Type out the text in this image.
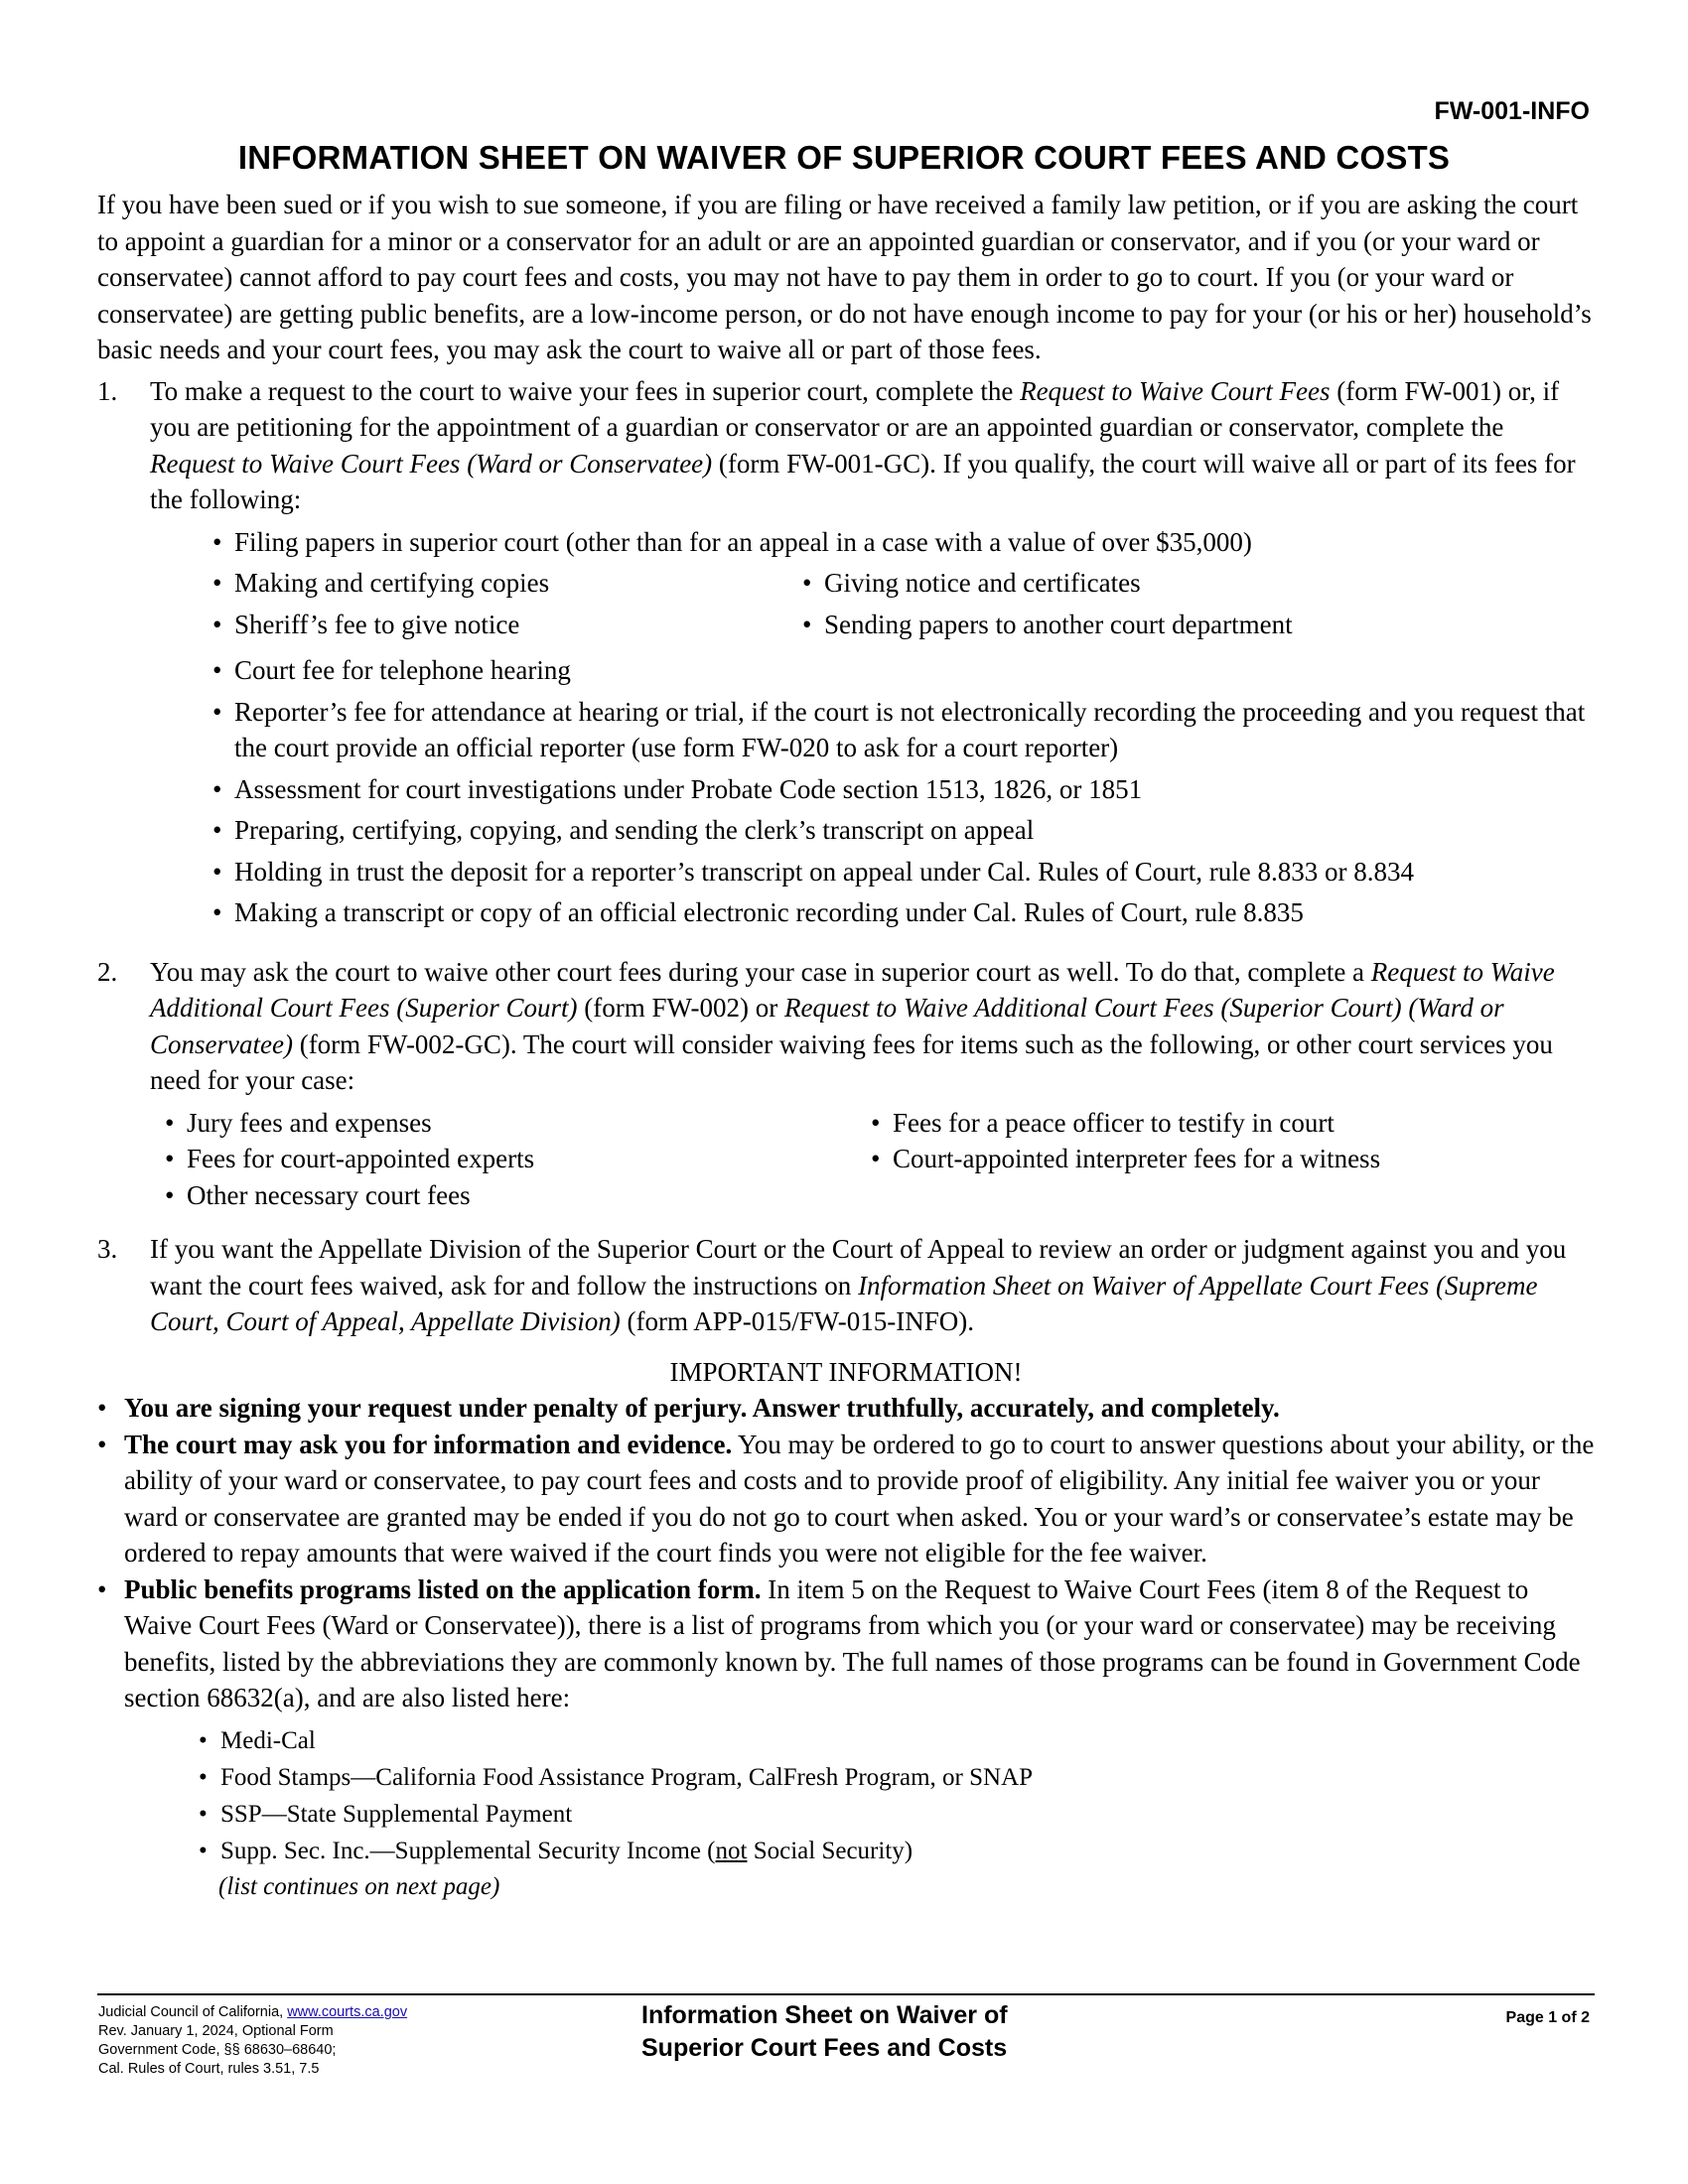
FW-001-INFO
INFORMATION SHEET ON WAIVER OF SUPERIOR COURT FEES AND COSTS

If you have been sued or if you wish to sue someone, if you are filing or have received a family law petition, or if you are asking the court to appoint a guardian for a minor or a conservator for an adult or are an appointed guardian or conservator, and if you (or your ward or conservatee) cannot afford to pay court fees and costs, you may not have to pay them in order to go to court. If you (or your ward or conservatee) are getting public benefits, are a low-income person, or do not have enough income to pay for your (or his or her) household’s basic needs and your court fees, you may ask the court to waive all or part of those fees.

1.	To make a request to the court to waive your fees in superior court, complete the Request to Waive Court Fees (form FW-001) or, if you are petitioning for the appointment of a guardian or conservator or are an appointed guardian or conservator, complete the Request to Waive Court Fees (Ward or Conservatee) (form FW-001-GC). If you qualify, the court will waive all or part of its fees for the following:
• Filing papers in superior court (other than for an appeal in a case with a value of over $35,000)
• Making and certifying copies
• Sheriff’s fee to give notice
• Giving notice and certificates
• Sending papers to another court department
• Court fee for telephone hearing
• Reporter’s fee for attendance at hearing or trial, if the court is not electronically recording the proceeding and you request that the court provide an official reporter (use form FW-020 to ask for a court reporter)
• Assessment for court investigations under Probate Code section 1513, 1826, or 1851
• Preparing, certifying, copying, and sending the clerk’s transcript on appeal
• Holding in trust the deposit for a reporter’s transcript on appeal under Cal. Rules of Court, rule 8.833 or 8.834
• Making a transcript or copy of an official electronic recording under Cal. Rules of Court, rule 8.835
2.	You may ask the court to waive other court fees during your case in superior court as well. To do that, complete a Request to Waive Additional Court Fees (Superior Court) (form FW-002) or Request to Waive Additional Court Fees (Superior Court) (Ward or Conservatee) (form FW-002-GC). The court will consider waiving fees for items such as the following, or other court services you need for your case:
• Jury fees and expenses
• Fees for court-appointed experts
• Other necessary court fees
• Fees for a peace officer to testify in court
• Court-appointed interpreter fees for a witness
3.	If you want the Appellate Division of the Superior Court or the Court of Appeal to review an order or judgment against you and you want the court fees waived, ask for and follow the instructions on Information Sheet on Waiver of Appellate Court Fees (Supreme Court, Court of Appeal, Appellate Division) (form APP-015/FW-015-INFO).
IMPORTANT INFORMATION!
• You are signing your request under penalty of perjury. Answer truthfully, accurately, and completely.
• The court may ask you for information and evidence. You may be ordered to go to court to answer questions about your ability, or the ability of your ward or conservatee, to pay court fees and costs and to provide proof of eligibility. Any initial fee waiver you or your ward or conservatee are granted may be ended if you do not go to court when asked. You or your ward’s or conservatee’s estate may be ordered to repay amounts that were waived if the court finds you were not eligible for the fee waiver.
• Public benefits programs listed on the application form. In item 5 on the Request to Waive Court Fees (item 8 of the Request to Waive Court Fees (Ward or Conservatee)), there is a list of programs from which you (or your ward or conservatee) may be receiving benefits, listed by the abbreviations they are commonly known by. The full names of those programs can be found in Government Code section 68632(a), and are also listed here:
• Medi-Cal
• Food Stamps—California Food Assistance Program, CalFresh Program, or SNAP
• SSP—State Supplemental Payment
• Supp. Sec. Inc.—Supplemental Security Income (not Social Security)
(list continues on next page)
Judicial Council of California, www.courts.ca.gov
Rev. January 1, 2024, Optional Form
Government Code, §§ 68630–68640;
Cal. Rules of Court, rules 3.51, 7.5
Information Sheet on Waiver of
Superior Court Fees and Costs
Page 1 of 2
